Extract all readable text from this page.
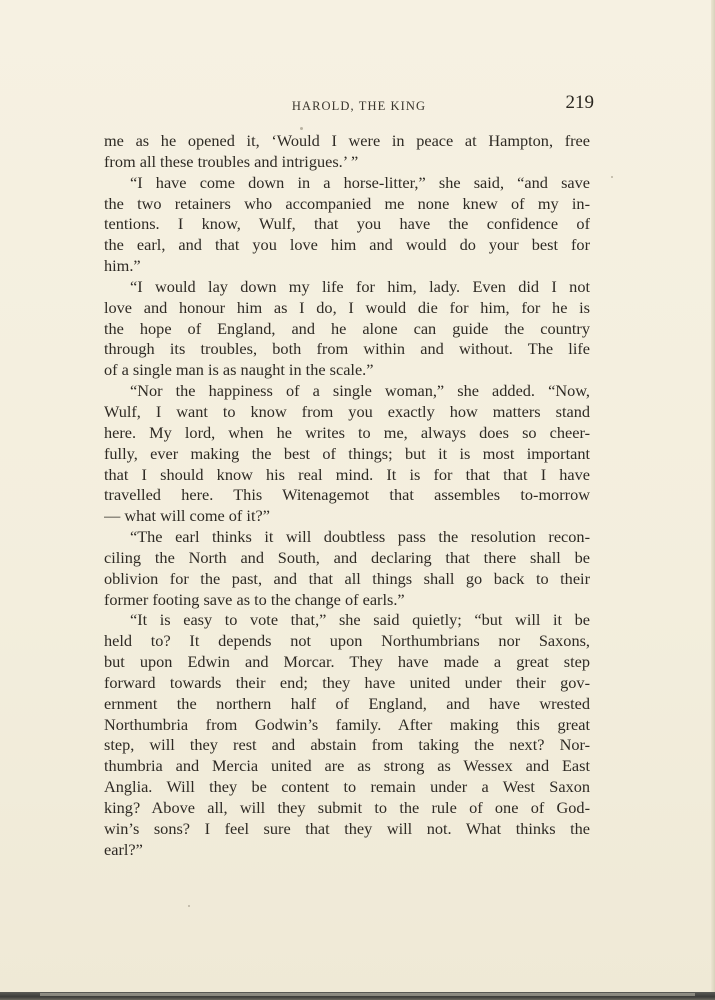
HAROLD, THE KING	219
me as he opened it, ‘Would I were in peace at Hampton, free
from all these troubles and intrigues.’ ”
“I have come down in a horse-litter,” she said, “and save
the two retainers who accompanied me none knew of my in-
tentions. I know, Wulf, that you have the confidence of
the earl, and that you love him and would do your best for
him.”
“I would lay down my life for him, lady. Even did I not
love and honour him as I do, I would die for him, for he is
the hope of England, and he alone can guide the country
through its troubles, both from within and without. The life
of a single man is as naught in the scale.”
“Nor the happiness of a single woman,” she added. “Now,
Wulf, I want to know from you exactly how matters stand
here. My lord, when he writes to me, always does so cheer-
fully, ever making the best of things; but it is most important
that I should know his real mind. It is for that that I have
travelled here. This Witenagemot that assembles to-morrow
— what will come of it?”
“The earl thinks it will doubtless pass the resolution recon-
ciling the North and South, and declaring that there shall be
oblivion for the past, and that all things shall go back to their
former footing save as to the change of earls.”
“It is easy to vote that,” she said quietly; “but will it be
held to? It depends not upon Northumbrians nor Saxons,
but upon Edwin and Morcar. They have made a great step
forward towards their end; they have united under their gov-
ernment the northern half of England, and have wrested
Northumbria from Godwin’s family. After making this great
step, will they rest and abstain from taking the next? Nor-
thumbria and Mercia united are as strong as Wessex and East
Anglia. Will they be content to remain under a West Saxon
king? Above all, will they submit to the rule of one of God-
win’s sons? I feel sure that they will not. What thinks the
earl?”
